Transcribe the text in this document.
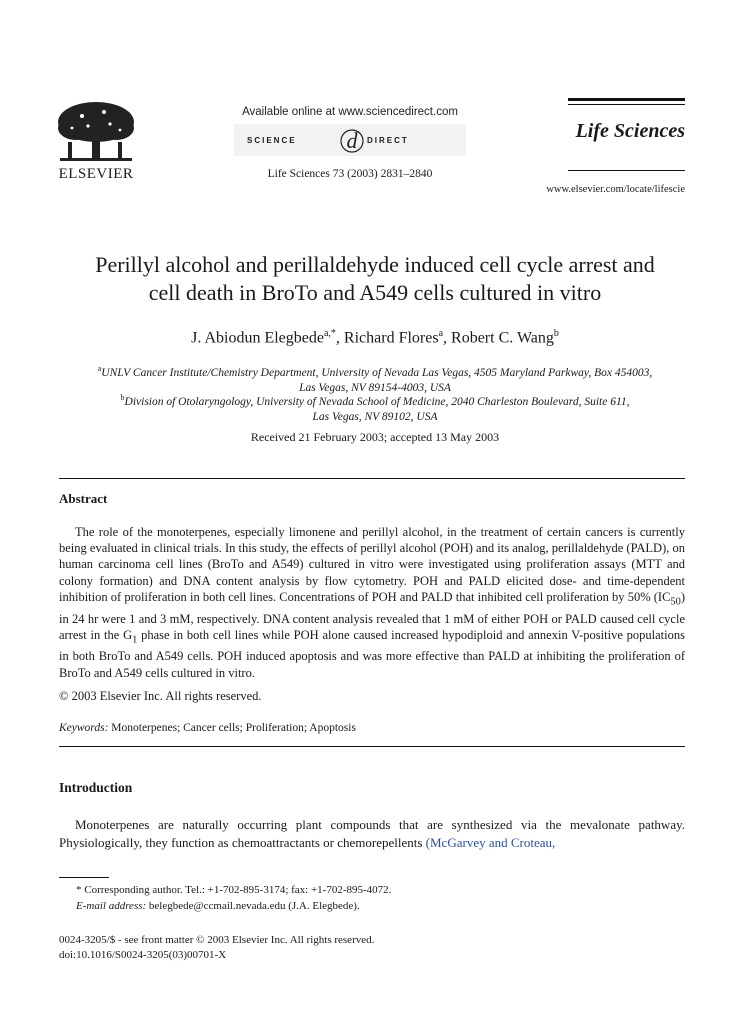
ELSEVIER
Available online at www.sciencedirect.com
d
SCIENCE	DIRECT
Life Sciences 73 (2003) 2831–2840
Life Sciences
www.elsevier.com/locate/lifescie
Perillyl alcohol and perillaldehyde induced cell cycle arrest and
cell death in BroTo and A549 cells cultured in vitro
J. Abiodun Elegbede$^{a,*}$, Richard Flores$^a$, Robert C. Wang$^b$
$^a$UNLV Cancer Institute/Chemistry Department, University of Nevada Las Vegas, 4505 Maryland Parkway, Box 454003,
Las Vegas, NV 89154-4003, USA
$^b$Division of Otolaryngology, University of Nevada School of Medicine, 2040 Charleston Boulevard, Suite 611,
Las Vegas, NV 89102, USA
Received 21 February 2003; accepted 13 May 2003
Abstract

The role of the monoterpenes, especially limonene and perillyl alcohol, in the treatment of certain cancers is currently being evaluated in clinical trials. In this study, the effects of perillyl alcohol (POH) and its analog, perillaldehyde (PALD), on human carcinoma cell lines (BroTo and A549) cultured in vitro were investigated using proliferation assays (MTT and colony formation) and DNA content analysis by flow cytometry. POH and PALD elicited dose- and time-dependent inhibition of proliferation in both cell lines. Concentrations of POH and PALD that inhibited cell proliferation by 50% $(IC_{50})$ in 24 hr were 1 and 3 mM, respectively. DNA content analysis revealed that 1 mM of either POH or PALD caused cell cycle arrest in the $G_1$ phase in both cell lines while POH alone caused increased hypodiploid and annexin V-positive populations in both BroTo and A549 cells. POH induced apoptosis and was more effective than PALD at inhibiting the proliferation of BroTo and A549 cells cultured in vitro.

© 2003 Elsevier Inc. All rights reserved.
Keywords: Monoterpenes; Cancer cells; Proliferation; Apoptosis
Introduction

Monoterpenes are naturally occurring plant compounds that are synthesized via the mevalonate pathway. Physiologically, they function as chemoattractants or chemorepellents (McGarvey and Croteau,

* Corresponding author. Tel.: +1-702-895-3174; fax: +1-702-895-4072.
E-mail address: belegbede@ccmail.nevada.edu (J.A. Elegbede).
0024-3205/$ - see front matter © 2003 Elsevier Inc. All rights reserved.
doi:10.1016/S0024-3205(03)00701-X
